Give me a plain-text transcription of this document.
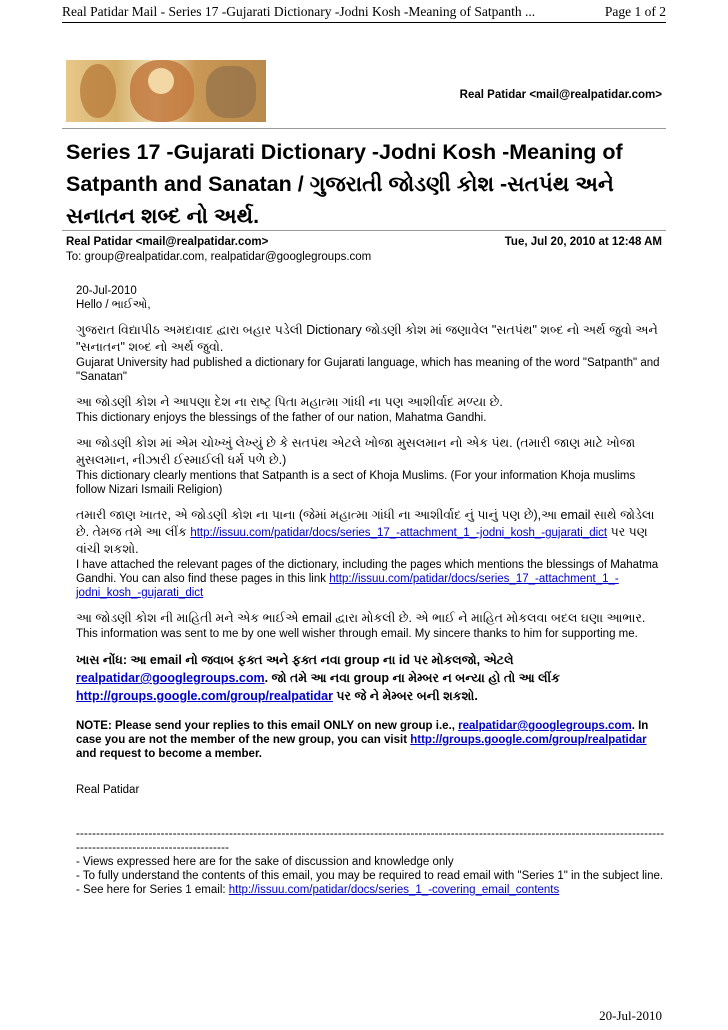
Real Patidar Mail - Series 17 -Gujarati Dictionary -Jodni Kosh -Meaning of Satpanth ...	Page 1 of 2
Real Patidar <mail@realpatidar.com>
Series 17 -Gujarati Dictionary -Jodni Kosh -Meaning of Satpanth and Sanatan / ગુજરાતી જોડણી કોશ -સતપંથ અને સનાતન શબ્દ નો અર્થ.
Real Patidar <mail@realpatidar.com>	Tue, Jul 20, 2010 at 12:48 AM
To: group@realpatidar.com, realpatidar@googlegroups.com

20-Jul-2010
Hello / ભાઈઓ,

ગુજરાત વિદ્યાપીઠ અમદાવાદ દ્વારા બહાર પડેલી Dictionary જોડણી કોશ માં જણાવેલ "સતપંથ" શબ્દ નો અર્થ જુવો અને "સનાતન" શબ્દ નો અર્થ જુવો.
Gujarat University had published a dictionary for Gujarati language, which has meaning of the word "Satpanth" and "Sanatan"

આ જોડણી કોશ ને આપણા દેશ ના રાષ્ટ્ર પિતા મહાત્મા ગાંધી ના પણ આશીર્વાદ મળ્યા છે.
This dictionary enjoys the blessings of the father of our nation, Mahatma Gandhi.

આ જોડણી કોશ માં એમ ચોખ્ખું લેખ્યું છે કે સતપંથ એટલે ખોજા મુસલમાન નો એક પંથ. (તમારી જાણ માટે ખોજા મુસલમાન, નીઝારી ઈસ્માઈલી ધર્મ પળે છે.)
This dictionary clearly mentions that Satpanth is a sect of Khoja Muslims. (For your information Khoja muslims follow Nizari Ismaili Religion)

તમારી જાણ ખાતર, એ જોડણી કોશ ના પાના (જેમાં મહાત્મા ગાંધી ના આશીર્વાદ નું પાનું પણ છે),આ email સાથે જોડેલા છે. તેમજ તમે આ લીંક http://issuu.com/patidar/docs/series_17_-attachment_1_-jodni_kosh_-gujarati_dict પર પણ વાંચી શકશો.
I have attached the relevant pages of the dictionary, including the pages which mentions the blessings of Mahatma Gandhi. You can also find these pages in this link http://issuu.com/patidar/docs/series_17_-attachment_1_-jodni_kosh_-gujarati_dict

આ જોડણી કોશ ની માહિતી મને એક ભાઈએ email દ્વારા મોકલી છે. એ ભાઈ ને માહિત મોકલવા બદલ ઘણા આભાર.
This information was sent to me by one well wisher through email. My sincere thanks to him for supporting me.

ખાસ નોંધ: આ email નો જવાબ ફક્ત અને ફક્ત નવા group ના id પર મોકલજો, એટલે realpatidar@googlegroups.com. જો તમે આ નવા group ના મેમ્બર ન બન્યા હો તો આ લીંક http://groups.google.com/group/realpatidar પર જે ને મેમ્બર બની શકશો.

NOTE: Please send your replies to this email ONLY on new group i.e., realpatidar@googlegroups.com. In case you are not the member of the new group, you can visit http://groups.google.com/group/realpatidar and request to become a member.

Real Patidar

----------------------------------------------------------------------------------------------------------------------------------------------------------------------------------------
- Views expressed here are for the sake of discussion and knowledge only
- To fully understand the contents of this email, you may be required to read email with "Series 1" in the subject line.
- See here for Series 1 email: http://issuu.com/patidar/docs/series_1_-covering_email_contents

20-Jul-2010
